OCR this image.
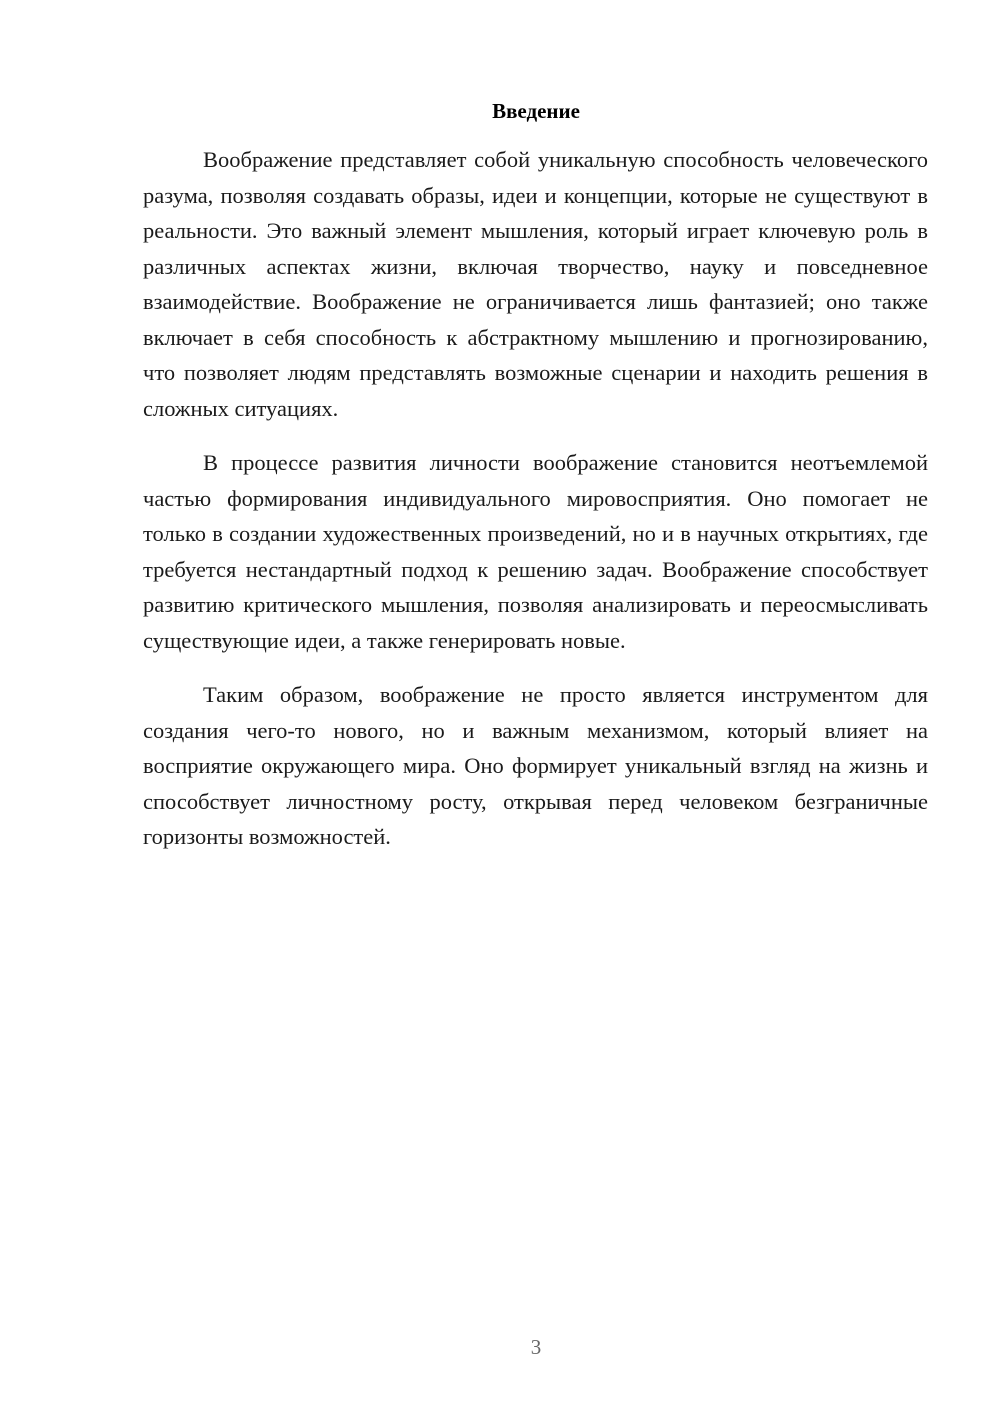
Введение

Воображение представляет собой уникальную способность человеческого разума, позволяя создавать образы, идеи и концепции, которые не существуют в реальности. Это важный элемент мышления, который играет ключевую роль в различных аспектах жизни, включая творчество, науку и повседневное взаимодействие. Воображение не ограничивается лишь фантазией; оно также включает в себя способность к абстрактному мышлению и прогнозированию, что позволяет людям представлять возможные сценарии и находить решения в сложных ситуациях.

В процессе развития личности воображение становится неотъемлемой частью формирования индивидуального мировосприятия. Оно помогает не только в создании художественных произведений, но и в научных открытиях, где требуется нестандартный подход к решению задач. Воображение способствует развитию критического мышления, позволяя анализировать и переосмысливать существующие идеи, а также генерировать новые.

Таким образом, воображение не просто является инструментом для создания чего-то нового, но и важным механизмом, который влияет на восприятие окружающего мира. Оно формирует уникальный взгляд на жизнь и способствует личностному росту, открывая перед человеком безграничные горизонты возможностей.

3
